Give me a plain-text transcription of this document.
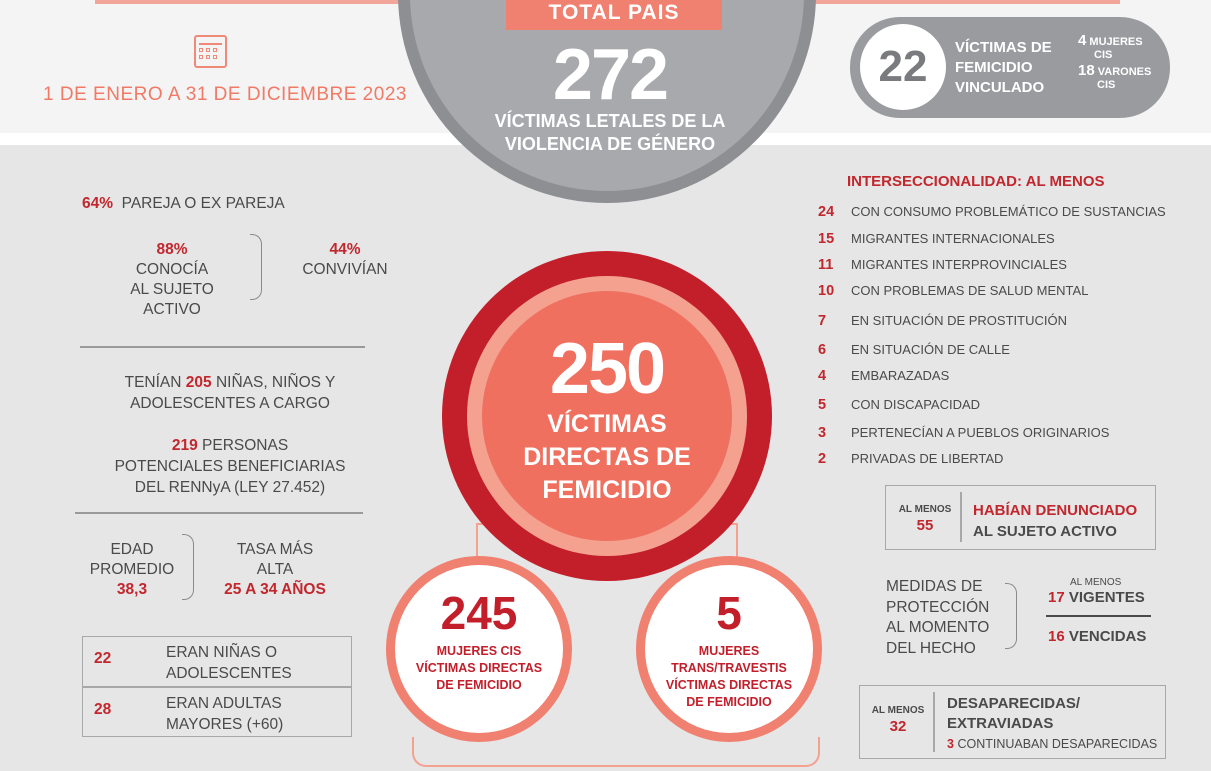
1 DE ENERO A 31 DE DICIEMBRE 2023
TOTAL PAIS
272
VÍCTIMAS LETALES DE LA
VIOLENCIA DE GÉNERO
22	VÍCTIMAS DE
FEMICIDIO
VINCULADO
4 MUJERES
CIS
18 VARONES
CIS
64% PAREJA O EX PAREJA
88%
CONOCÍA
AL SUJETO
ACTIVO
44%
CONVIVÍAN
TENÍAN 205 NIÑAS, NIÑOS Y
ADOLESCENTES A CARGO
219 PERSONAS
POTENCIALES BENEFICIARIAS
DEL RENNyA (LEY 27.452)
EDAD
PROMEDIO
38,3
TASA MÁS
ALTA
25 A 34 AÑOS
22	ERAN NIÑAS O
ADOLESCENTES
28	ERAN ADULTAS
MAYORES (+60)
250
VÍCTIMAS
DIRECTAS DE
FEMICIDIO
245
MUJERES CIS
VÍCTIMAS DIRECTAS
DE FEMICIDIO
5
MUJERES
TRANS/TRAVESTIS
VÍCTIMAS DIRECTAS
DE FEMICIDIO
INTERSECCIONALIDAD: AL MENOS
24 CON CONSUMO PROBLEMÁTICO DE SUSTANCIAS
15 MIGRANTES INTERNACIONALES
11 MIGRANTES INTERPROVINCIALES
10 CON PROBLEMAS DE SALUD MENTAL
7 EN SITUACIÓN DE PROSTITUCIÓN
6 EN SITUACIÓN DE CALLE
4 EMBARAZADAS
5 CON DISCAPACIDAD
3 PERTENECÍAN A PUEBLOS ORIGINARIOS
2 PRIVADAS DE LIBERTAD
AL MENOS
55
HABÍAN DENUNCIADO
AL SUJETO ACTIVO
MEDIDAS DE
PROTECCIÓN
AL MOMENTO
DEL HECHO
AL MENOS
17 VIGENTES
16 VENCIDAS
AL MENOS
32
DESAPARECIDAS/
EXTRAVIADAS
3 CONTINUABAN DESAPARECIDAS
